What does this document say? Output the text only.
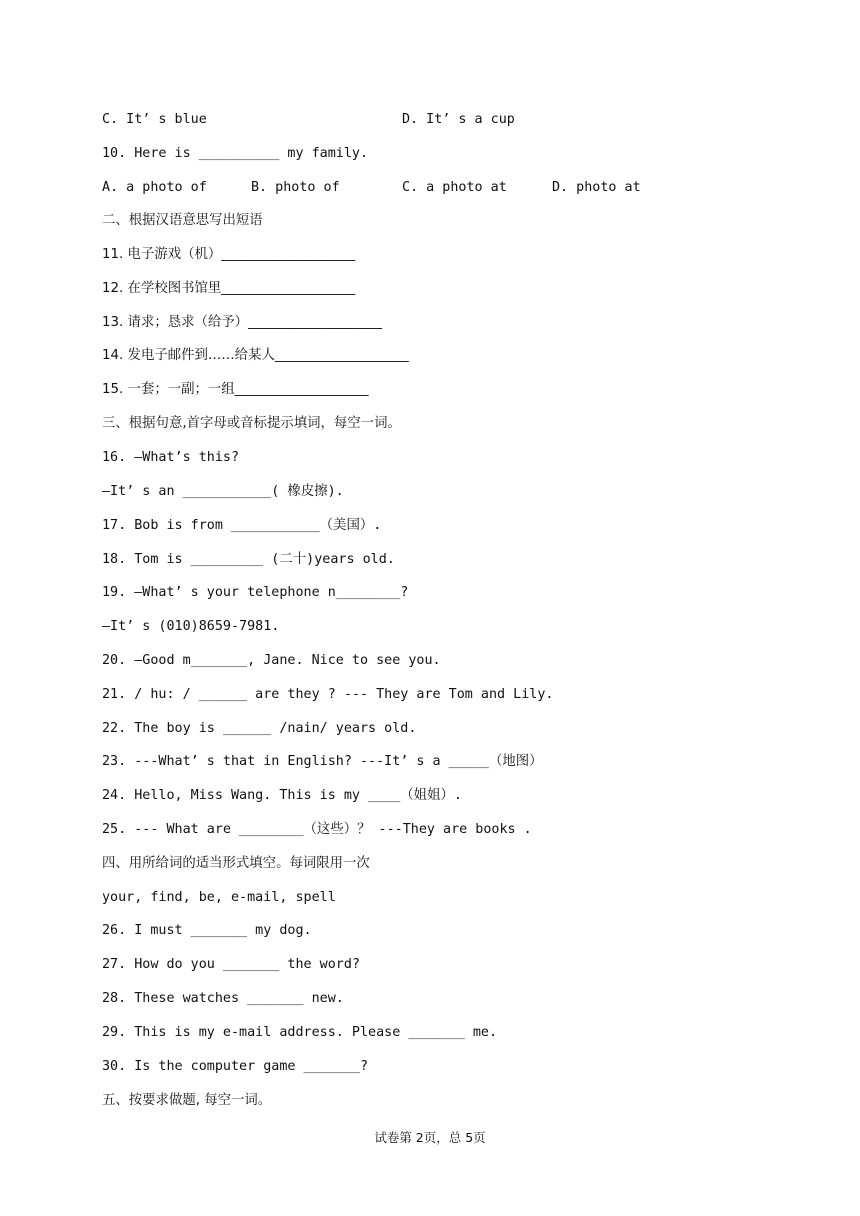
C. It’ s blue	D. It’ s a cup
10. Here is __________ my family.
A. a photo of	B. photo of	C. a photo at	D. photo at
二、根据汉语意思写出短语
11. 电子游戏（机）____________________
12. 在学校图书馆里____________________
13. 请求；恳求（给予）____________________
14. 发电子邮件到……给某人____________________
15. 一套；一副；一组____________________
三、根据句意,首字母或音标提示填词，每空一词。
16. —What’s this?
—It’ s an ___________( 橡皮擦).
17. Bob is from ___________（美国）.
18. Tom is _________ (二十)years old.
19. —What’ s your telephone n________?
—It’ s (010)8659-7981.
20. —Good m_______, Jane. Nice to see you.
21. / hu: / ______ are they ? --- They are Tom and Lily.
22. The boy is ______ /nain/ years old.
23. ---What’ s that in English? ---It’ s a _____（地图）
24. Hello, Miss Wang. This is my ____（姐姐）.
25. --- What are ________（这些）？ ---They are books .
四、用所给词的适当形式填空。每词限用一次
your, find, be, e-mail, spell
26. I must _______ my dog.
27. How do you _______ the word?
28. These watches _______ new.
29. This is my e-mail address. Please _______ me.
30. Is the computer game _______?
五、按要求做题, 每空一词。
试卷第 2页，总 5页
